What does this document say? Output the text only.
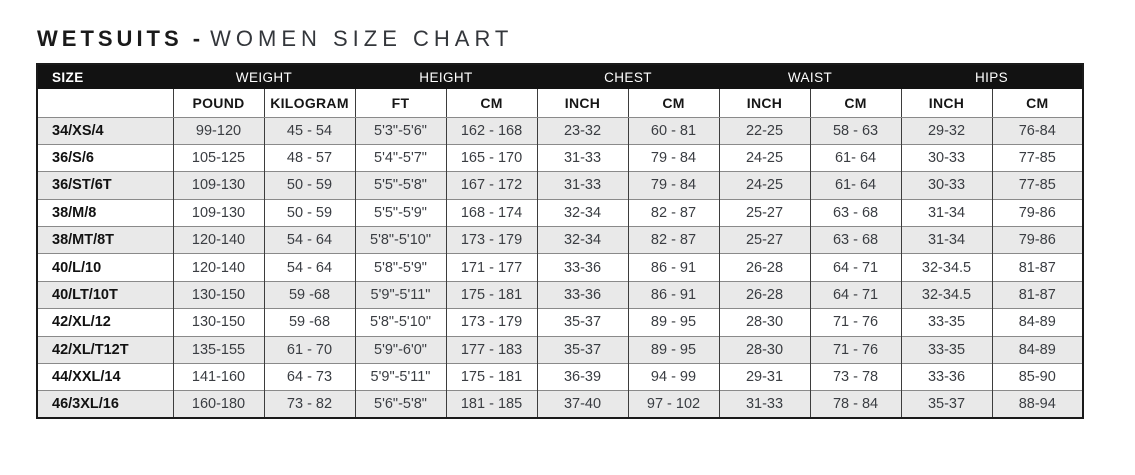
WETSUITS - WOMEN SIZE CHART
SIZE	WEIGHT		HEIGHT		CHEST		WAIST		HIPS	
	POUND	KILOGRAM	FT	CM	INCH	CM	INCH	CM	INCH	CM
34/XS/4	99-120	45 - 54	5'3"-5'6"	162 - 168	23-32	60 - 81	22-25	58 - 63	29-32	76-84
36/S/6	105-125	48 - 57	5'4"-5'7"	165 - 170	31-33	79 - 84	24-25	61- 64	30-33	77-85
36/ST/6T	109-130	50 - 59	5'5"-5'8"	167 - 172	31-33	79 - 84	24-25	61- 64	30-33	77-85
38/M/8	109-130	50 - 59	5'5"-5'9"	168 - 174	32-34	82 - 87	25-27	63 - 68	31-34	79-86
38/MT/8T	120-140	54 - 64	5'8"-5'10"	173 - 179	32-34	82 - 87	25-27	63 - 68	31-34	79-86
40/L/10	120-140	54 - 64	5'8"-5'9"	171 - 177	33-36	86 - 91	26-28	64 - 71	32-34.5	81-87
40/LT/10T	130-150	59 -68	5'9"-5'11"	175 - 181	33-36	86 - 91	26-28	64 - 71	32-34.5	81-87
42/XL/12	130-150	59 -68	5'8"-5'10"	173 - 179	35-37	89 - 95	28-30	71 - 76	33-35	84-89
42/XL/T12T	135-155	61 - 70	5'9"-6'0"	177 - 183	35-37	89 - 95	28-30	71 - 76	33-35	84-89
44/XXL/14	141-160	64 - 73	5'9"-5'11"	175 - 181	36-39	94 - 99	29-31	73 - 78	33-36	85-90
46/3XL/16	160-180	73 - 82	5'6"-5'8"	181 - 185	37-40	97 - 102	31-33	78 - 84	35-37	88-94
